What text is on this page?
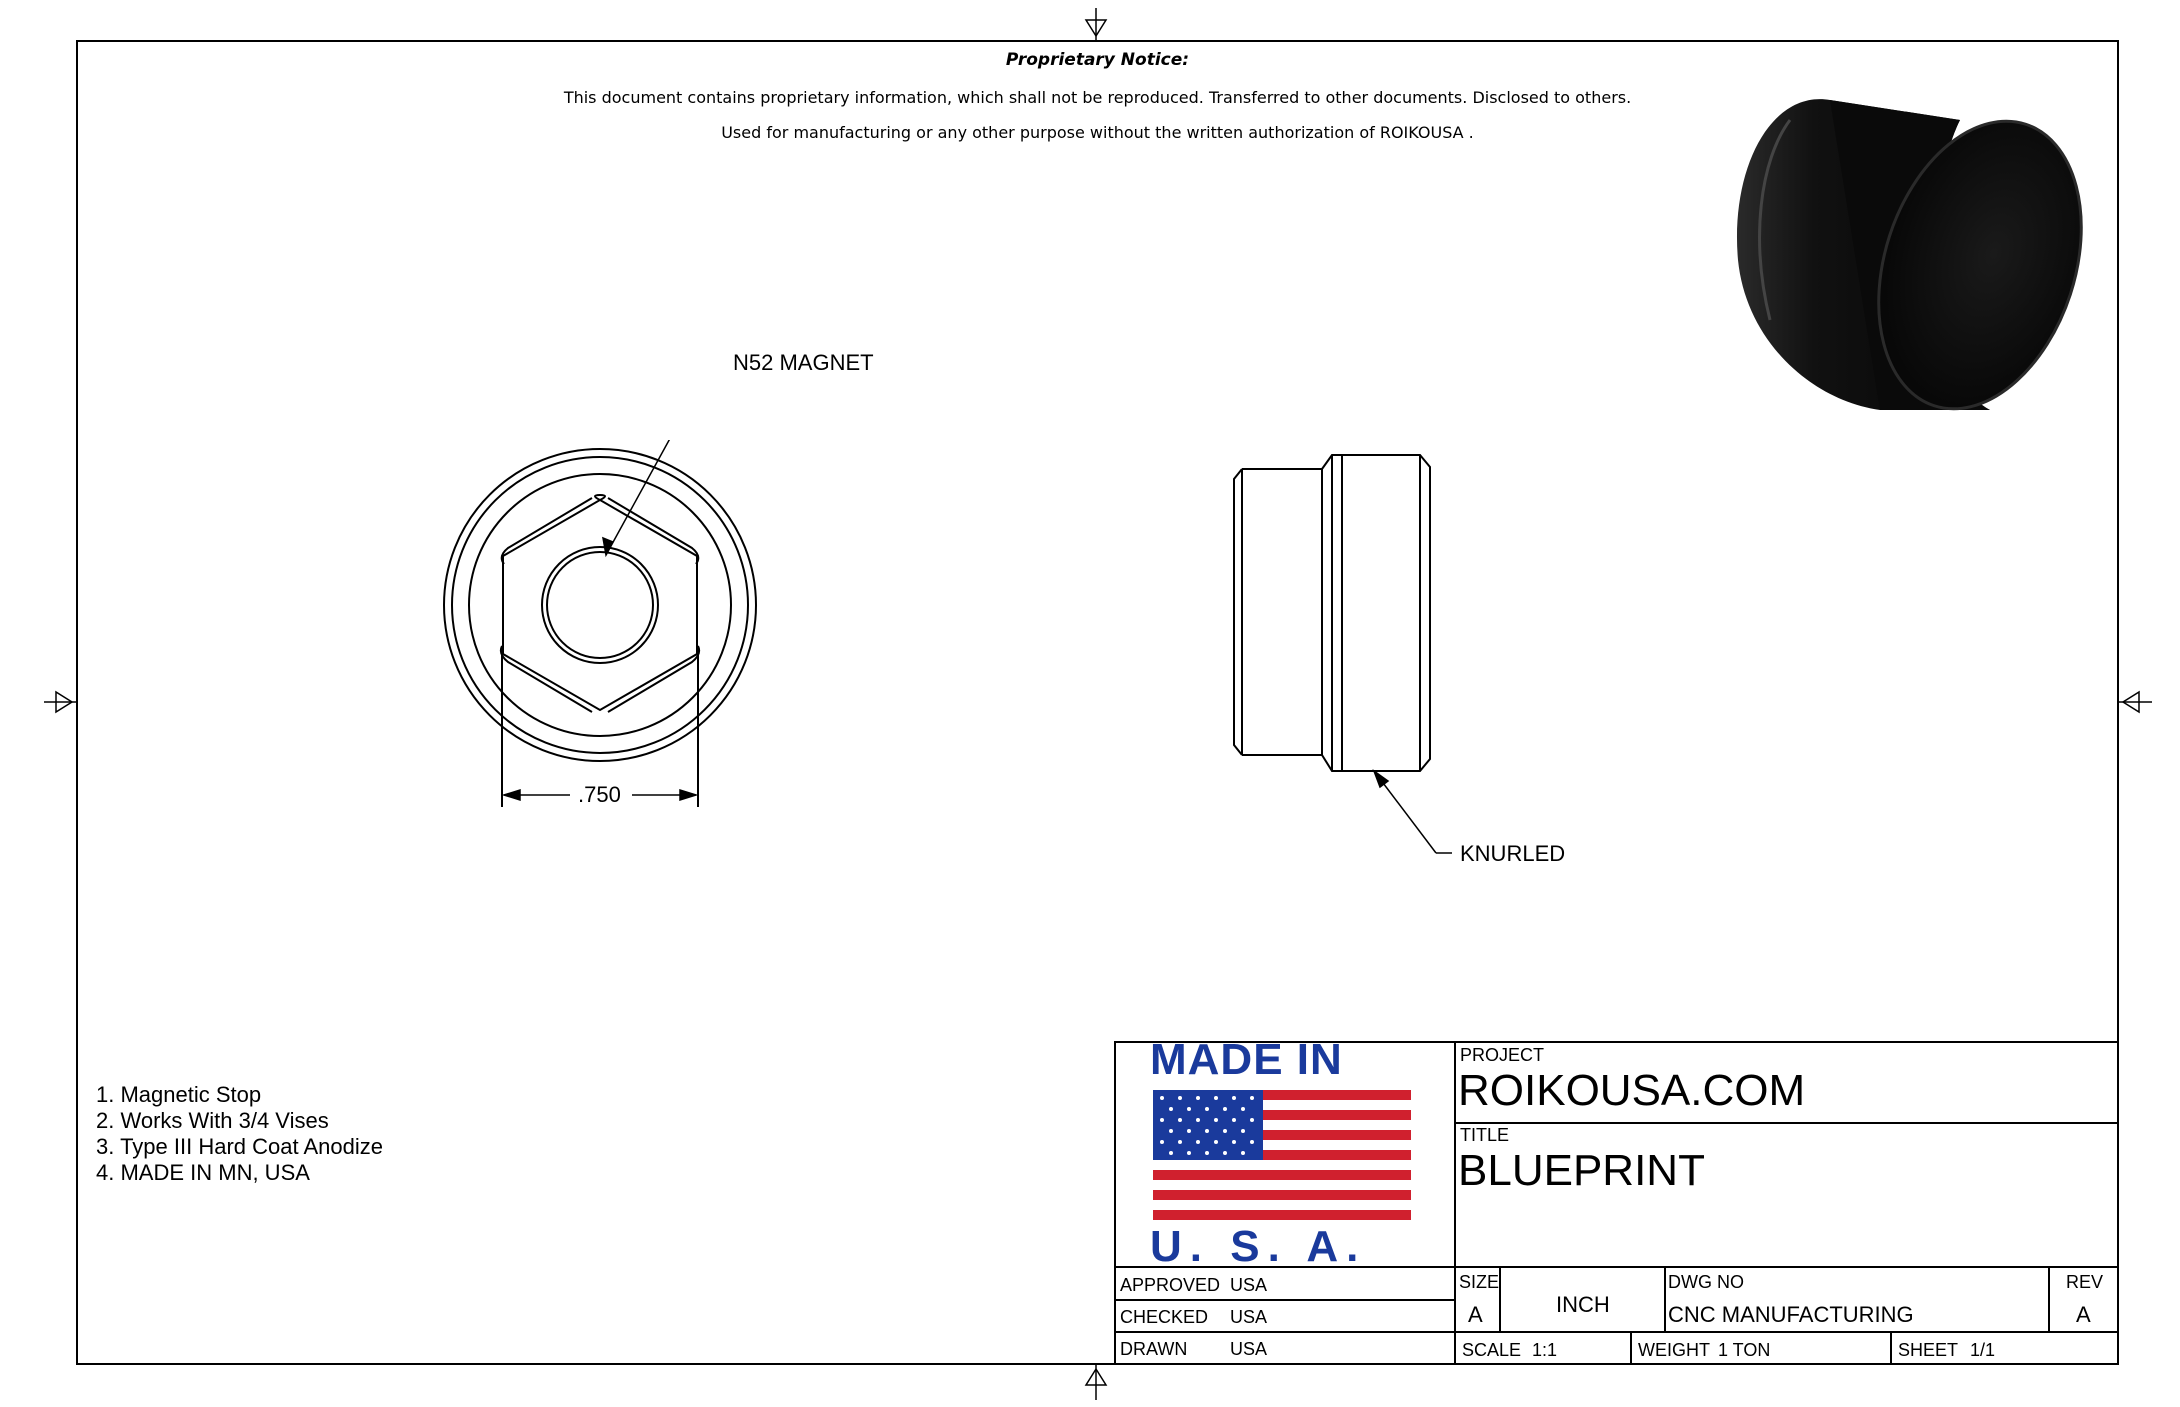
Proprietary Notice:
This document contains proprietary information, which shall not be reproduced. Transferred to other documents. Disclosed to others.
Used for manufacturing or any other purpose without the written authorization of ROIKOUSA .
N52 MAGNET
.750
KNURLED
1. Magnetic Stop
2. Works With 3/4 Vises
3. Type III Hard Coat Anodize
4. MADE IN MN, USA
MADE IN
U. S. A.
PROJECT
ROIKOUSA.COM
TITLE
BLUEPRINT
APPROVED USA
CHECKED USA
DRAWN USA
SIZE
A	INCH
DWG NO
CNC MANUFACTURING
REV
A
SCALE 1:1	WEIGHT 1 TON	SHEET 1/1
